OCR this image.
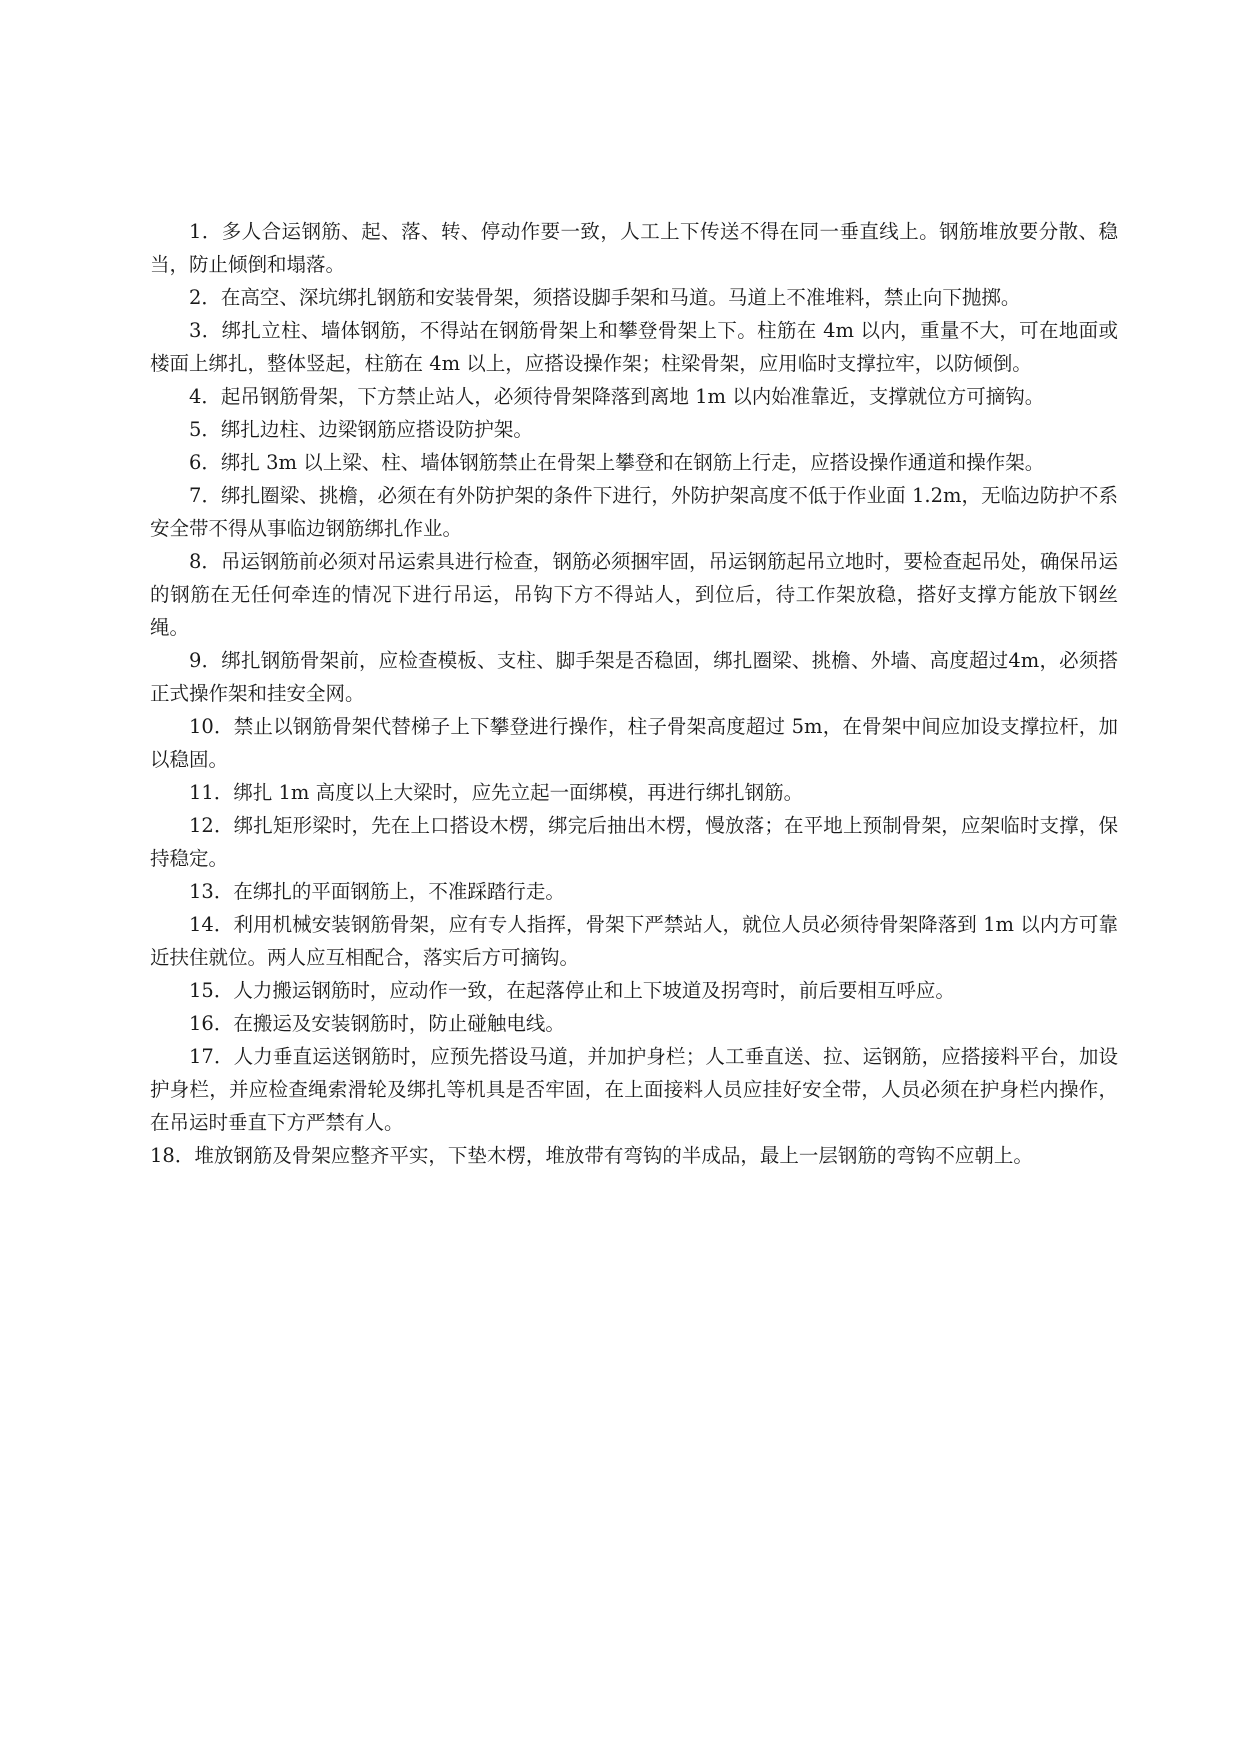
1．多人合运钢筋、起、落、转、停动作要一致，人工上下传送不得在同一垂直线上。钢筋堆放要分散、稳当，防止倾倒和塌落。

2．在高空、深坑绑扎钢筋和安装骨架，须搭设脚手架和马道。马道上不准堆料，禁止向下抛掷。

3．绑扎立柱、墙体钢筋，不得站在钢筋骨架上和攀登骨架上下。柱筋在 4m 以内，重量不大，可在地面或楼面上绑扎，整体竖起，柱筋在 4m 以上，应搭设操作架；柱梁骨架，应用临时支撑拉牢，以防倾倒。

4．起吊钢筋骨架，下方禁止站人，必须待骨架降落到离地 1m 以内始准靠近，支撑就位方可摘钩。

5．绑扎边柱、边梁钢筋应搭设防护架。

6．绑扎 3m 以上梁、柱、墙体钢筋禁止在骨架上攀登和在钢筋上行走，应搭设操作通道和操作架。

7．绑扎圈梁、挑檐，必须在有外防护架的条件下进行，外防护架高度不低于作业面 1.2m，无临边防护不系安全带不得从事临边钢筋绑扎作业。

8．吊运钢筋前必须对吊运索具进行检查，钢筋必须捆牢固，吊运钢筋起吊立地时，要检查起吊处，确保吊运的钢筋在无任何牵连的情况下进行吊运，吊钩下方不得站人，到位后，待工作架放稳，搭好支撑方能放下钢丝绳。

9．绑扎钢筋骨架前，应检查模板、支柱、脚手架是否稳固，绑扎圈梁、挑檐、外墙、高度超过4m，必须搭正式操作架和挂安全网。

10．禁止以钢筋骨架代替梯子上下攀登进行操作，柱子骨架高度超过 5m，在骨架中间应加设支撑拉杆，加以稳固。

11．绑扎 1m 高度以上大梁时，应先立起一面绑模，再进行绑扎钢筋。

12．绑扎矩形梁时，先在上口搭设木楞，绑完后抽出木楞，慢放落；在平地上预制骨架，应架临时支撑，保持稳定。

13．在绑扎的平面钢筋上，不准踩踏行走。

14．利用机械安装钢筋骨架，应有专人指挥，骨架下严禁站人，就位人员必须待骨架降落到 1m 以内方可靠近扶住就位。两人应互相配合，落实后方可摘钩。

15．人力搬运钢筋时，应动作一致，在起落停止和上下坡道及拐弯时，前后要相互呼应。

16．在搬运及安装钢筋时，防止碰触电线。

17．人力垂直运送钢筋时，应预先搭设马道，并加护身栏；人工垂直送、拉、运钢筋，应搭接料平台，加设护身栏，并应检查绳索滑轮及绑扎等机具是否牢固，在上面接料人员应挂好安全带，人员必须在护身栏内操作，在吊运时垂直下方严禁有人。

18．堆放钢筋及骨架应整齐平实，下垫木楞，堆放带有弯钩的半成品，最上一层钢筋的弯钩不应朝上。
